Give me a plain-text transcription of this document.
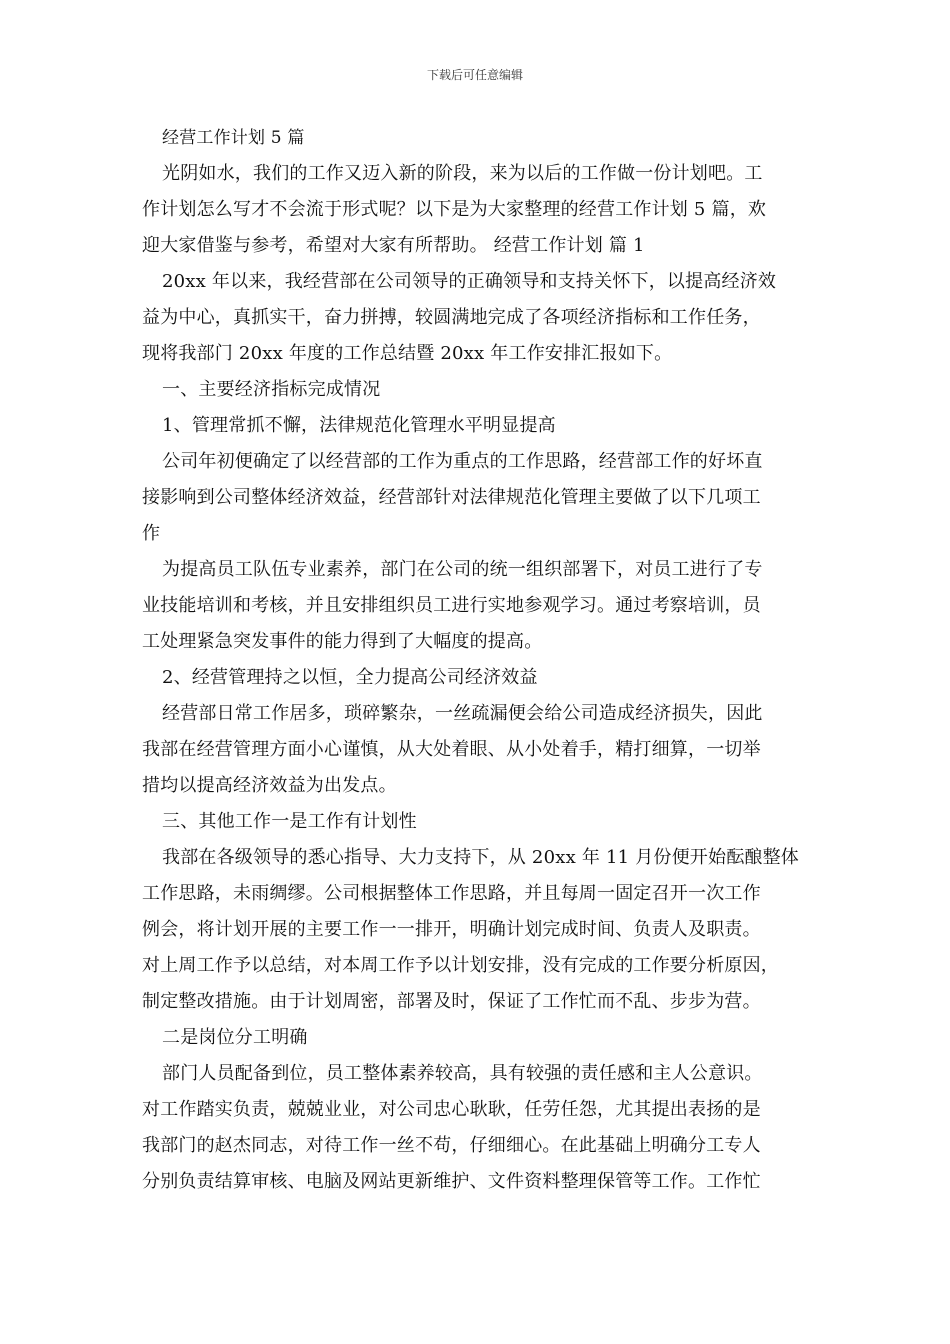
下载后可任意编辑
经营工作计划 5 篇
光阴如水，我们的工作又迈入新的阶段，来为以后的工作做一份计划吧。工
作计划怎么写才不会流于形式呢？以下是为大家整理的经营工作计划 5 篇，欢
迎大家借鉴与参考，希望对大家有所帮助。 经营工作计划 篇 1
20xx 年以来，我经营部在公司领导的正确领导和支持关怀下，以提高经济效
益为中心，真抓实干，奋力拼搏，较圆满地完成了各项经济指标和工作任务，
现将我部门 20xx 年度的工作总结暨 20xx 年工作安排汇报如下。
一、主要经济指标完成情况
1、管理常抓不懈，法律规范化管理水平明显提高
公司年初便确定了以经营部的工作为重点的工作思路，经营部工作的好坏直
接影响到公司整体经济效益，经营部针对法律规范化管理主要做了以下几项工
作
为提高员工队伍专业素养，部门在公司的统一组织部署下，对员工进行了专
业技能培训和考核，并且安排组织员工进行实地参观学习。通过考察培训，员
工处理紧急突发事件的能力得到了大幅度的提高。
2、经营管理持之以恒，全力提高公司经济效益
经营部日常工作居多，琐碎繁杂，一丝疏漏便会给公司造成经济损失，因此
我部在经营管理方面小心谨慎，从大处着眼、从小处着手，精打细算，一切举
措均以提高经济效益为出发点。
三、其他工作一是工作有计划性
我部在各级领导的悉心指导、大力支持下，从 20xx 年 11 月份便开始酝酿整体
工作思路，未雨绸缪。公司根据整体工作思路，并且每周一固定召开一次工作
例会，将计划开展的主要工作一一排开，明确计划完成时间、负责人及职责。
对上周工作予以总结，对本周工作予以计划安排，没有完成的工作要分析原因，
制定整改措施。由于计划周密，部署及时，保证了工作忙而不乱、步步为营。
二是岗位分工明确
部门人员配备到位，员工整体素养较高，具有较强的责任感和主人公意识。
对工作踏实负责，兢兢业业，对公司忠心耿耿，任劳任怨，尤其提出表扬的是
我部门的赵杰同志，对待工作一丝不苟，仔细细心。在此基础上明确分工专人
分别负责结算审核、电脑及网站更新维护、文件资料整理保管等工作。工作忙
